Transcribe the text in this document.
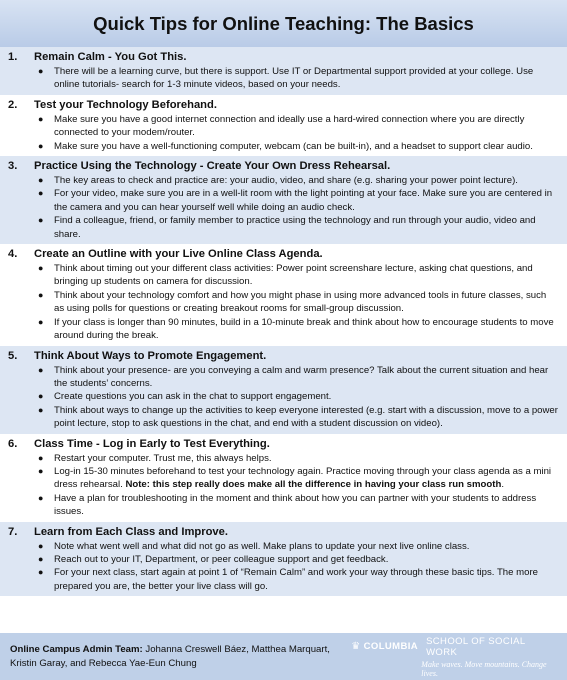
Quick Tips for Online Teaching: The Basics
1.	Remain Calm - You Got This.
● There will be a learning curve, but there is support. Use IT or Departmental support provided at your college. Use online tutorials- search for 1-3 minute videos, based on your needs.
2.	Test your Technology Beforehand.
● Make sure you have a good internet connection and ideally use a hard-wired connection where you are directly connected to your modem/router.
● Make sure you have a well-functioning computer, webcam (can be built-in), and a headset to support clear audio.
3.	Practice Using the Technology - Create Your Own Dress Rehearsal.
● The key areas to check and practice are: your audio, video, and share (e.g. sharing your power point lecture).
● For your video, make sure you are in a well-lit room with the light pointing at your face. Make sure you are centered in the camera and you can hear yourself well while doing an audio check.
● Find a colleague, friend, or family member to practice using the technology and run through your audio, video and share.
4.	Create an Outline with your Live Online Class Agenda.
● Think about timing out your different class activities: Power point screenshare lecture, asking chat questions, and bringing up students on camera for discussion.
● Think about your technology comfort and how you might phase in using more advanced tools in future classes, such as using polls for questions or creating breakout rooms for small-group discussion.
● If your class is longer than 90 minutes, build in a 10-minute break and think about how to encourage students to move around during the break.
5.	Think About Ways to Promote Engagement.
● Think about your presence- are you conveying a calm and warm presence? Talk about the current situation and hear the students’ concerns.
● Create questions you can ask in the chat to support engagement.
● Think about ways to change up the activities to keep everyone interested (e.g. start with a discussion, move to a power point lecture, stop to ask questions in the chat, and end with a student discussion on video).
6.	Class Time - Log in Early to Test Everything.
● Restart your computer. Trust me, this always helps.
● Log-in 15-30 minutes beforehand to test your technology again. Practice moving through your class agenda as a mini dress rehearsal. Note: this step really does make all the difference in having your class run smooth.
● Have a plan for troubleshooting in the moment and think about how you can partner with your students to address issues.
7.	Learn from Each Class and Improve.
● Note what went well and what did not go as well. Make plans to update your next live online class.
● Reach out to your IT, Department, or peer colleague support and get feedback.
● For your next class, start again at point 1 of “Remain Calm” and work your way through these basic tips. The more prepared you are, the better your live class will go.
Online Campus Admin Team: Johanna Creswell Báez, Matthea Marquart, Kristin Garay, and Rebecca Yae-Eun Chung
♛ COLUMBIA SCHOOL OF SOCIAL WORK
Make waves. Move mountains. Change lives.
